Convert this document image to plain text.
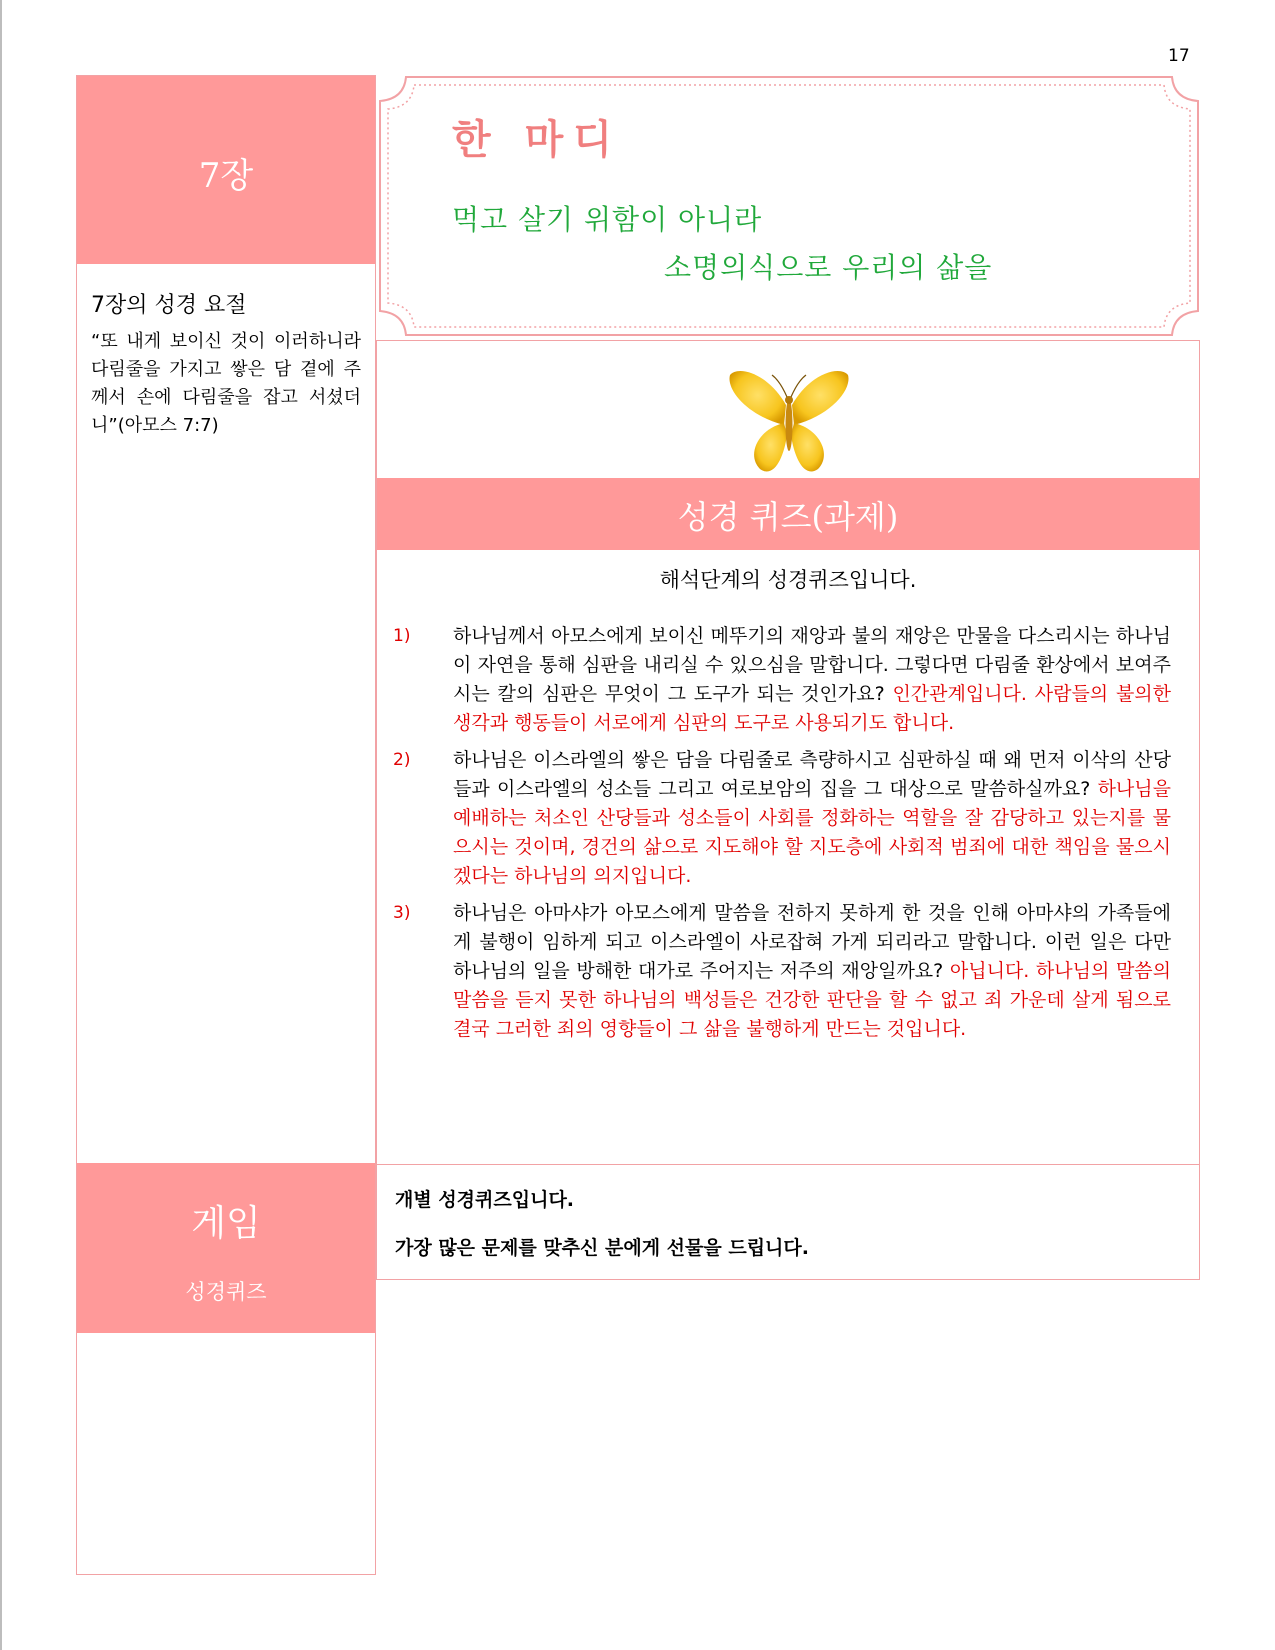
17
7장
7장의 성경 요절
“또 내게 보이신 것이 이러하니라 다림줄을 가지고 쌓은 담 곁에 주께서 손에 다림줄을 잡고 서셨더니”(아모스 7:7)
게임
성경퀴즈
한 마디
먹고 살기 위함이 아니라
소명의식으로 우리의 삶을
성경 퀴즈(과제)
해석단계의 성경퀴즈입니다.
1) 하나님께서 아모스에게 보이신 메뚜기의 재앙과 불의 재앙은 만물을 다스리시는 하나님이 자연을 통해 심판을 내리실 수 있으심을 말합니다. 그렇다면 다림줄 환상에서 보여주시는 칼의 심판은 무엇이 그 도구가 되는 것인가요? 인간관계입니다. 사람들의 불의한 생각과 행동들이 서로에게 심판의 도구로 사용되기도 합니다.
2) 하나님은 이스라엘의 쌓은 담을 다림줄로 측량하시고 심판하실 때 왜 먼저 이삭의 산당들과 이스라엘의 성소들 그리고 여로보암의 집을 그 대상으로 말씀하실까요? 하나님을 예배하는 처소인 산당들과 성소들이 사회를 정화하는 역할을 잘 감당하고 있는지를 물으시는 것이며, 경건의 삶으로 지도해야 할 지도층에 사회적 범죄에 대한 책임을 물으시겠다는 하나님의 의지입니다.
3) 하나님은 아마샤가 아모스에게 말씀을 전하지 못하게 한 것을 인해 아마샤의 가족들에게 불행이 임하게 되고 이스라엘이 사로잡혀 가게 되리라고 말합니다. 이런 일은 다만 하나님의 일을 방해한 대가로 주어지는 저주의 재앙일까요? 아닙니다. 하나님의 말씀의 말씀을 듣지 못한 하나님의 백성들은 건강한 판단을 할 수 없고 죄 가운데 살게 됨으로 결국 그러한 죄의 영향들이 그 삶을 불행하게 만드는 것입니다.
개별 성경퀴즈입니다.
가장 많은 문제를 맞추신 분에게 선물을 드립니다.
